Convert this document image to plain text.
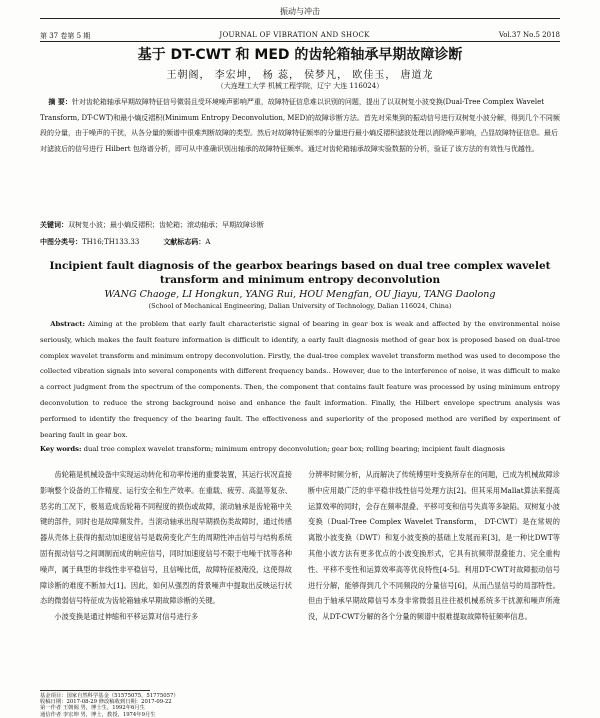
振动与冲击
第 37 卷第 5 期	JOURNAL OF VIBRATION AND SHOCK	Vol.37 No.5 2018
基于 DT-CWT 和 MED 的齿轮箱轴承早期故障诊断
王朝阁， 李宏坤， 杨 蕊， 侯梦凡， 欧佳玉， 唐道龙
（大连理工大学 机械工程学院，辽宁 大连 116024）
摘 要：针对齿轮箱轴承早期故障特征信号微弱且受环境噪声影响严重，故障特征信息难以识别的问题，提出了以双树复小波变换(Dual-Tree Complex Wavelet Transform, DT-CWT)和最小熵反褶积(Minimum Entropy Deconvolution, MED)的故障诊断方法。首先对采集到的振动信号进行双树复小波分解，得到几个不同频段的分量，由于噪声的干扰，从各分量的频谱中很难判断故障的类型。然后对故障特征频率的分量进行最小熵反褶积滤波处理以消除噪声影响，凸显故障特征信息。最后对滤波后的信号进行 Hilbert 包络谱分析，即可从中准确识别出轴承的故障特征频率。通过对齿轮箱轴承故障实验数据的分析，验证了该方法的有效性与优越性。
关键词：双树复小波；最小熵反褶积；齿轮箱；滚动轴承；早期故障诊断
中图分类号：TH16;TH133.33	文献标志码：A
Incipient fault diagnosis of the gearbox bearings based on dual tree complex wavelet transform and minimum entropy deconvolution
WANG Chaoge, LI Hongkun, YANG Rui, HOU Mengfan, OU Jiayu, TANG Daolong
(School of Mechanical Engineering, Dalian University of Technology, Dalian 116024, China)
Abstract: Aiming at the problem that early fault characteristic signal of bearing in gear box is weak and affected by the environmental noise seriously, which makes the fault feature information is difficult to identify, a early fault diagnosis method of gear box is proposed based on dual-tree complex wavelet transform and minimum entropy deconvolution. Firstly, the dual-tree complex wavelet transform method was used to decompose the collected vibration signals into several components with different frequency bands.. However, due to the interference of noise, it was difficult to make a correct judgment from the spectrum of the components. Then, the component that contains fault feature was processed by using minimum entropy deconvolution to reduce the strong background noise and enhance the fault information. Finally, the Hilbert envelope spectrum analysis was performed to identify the frequency of the bearing fault. The effectiveness and superiority of the proposed method are verified by experiment of bearing fault in gear box.
Key words: dual tree complex wavelet transform; minimum entropy deconvolution; gear box; rolling bearing; incipient fault diagnosis
齿轮箱是机械设备中实现运动转化和功率传递的重要装置，其运行状况直接影响整个设备的工作精度、运行安全和生产效率。在重载、疲劳、高温等复杂、恶劣的工况下，极易造成齿轮箱不同程度的损伤或故障，滚动轴承是齿轮箱中关键的部件，同时也是故障频发件。当滚动轴承出现早期损伤类故障时，通过传感器从壳体上获得的振动加速度信号是载荷变化产生的周期性冲击信号与结构系统固有振动信号之间调制而成的响应信号，同时加速度信号不限于电噪干扰等各种噪声，属于典型的非线性非平稳信号，且信噪比低，故障特征被淹没，这使得故障诊断的难度不断加大[1]。因此，如何从强烈的背景噪声中提取出反映运行状态的微弱信号特征成为齿轮箱轴承早期故障诊断的关键。
小波变换是通过伸缩和平移运算对信号进行多
分辨率时频分析，从而解决了传统傅里叶变换所存在的问题，已成为机械故障诊断中应用最广泛的非平稳非线性信号处理方法[2]。但其采用Mallat算法来提高运算效率的同时，会存在频率混叠、平移可变和信号失真等多缺陷。双树复小波变换（Dual-Tree Complex Wavelet Transform， DT-CWT）是在常规的离散小波变换（DWT）和复小波变换的基础上发展而来[3]，是一种比DWT等其他小波方法有更多优点的小波变换形式，它具有抗频带混叠能力、完全重构性、平移不变性和运算效率高等优良特性[4-5]。利用DT-CWT对故障振动信号进行分解，能够得到几个不同频段的分量信号[6]，从而凸显信号的局部特性。但由于轴承早期故障信号本身非常微弱且往往被机械系统多干扰源和噪声所淹没，从DT-CWT分解的各个分量的频谱中很难提取故障特征频率信息。
基金项目：国家自然科学基金（51575075，51775057）
收稿日期：2017-08-29 修改稿收到日期：2017-09-22
第一作者 王朝阁 男，博士生，1992年6月生
通信作者 李宏坤 男，博士，教授，1974年9月生
